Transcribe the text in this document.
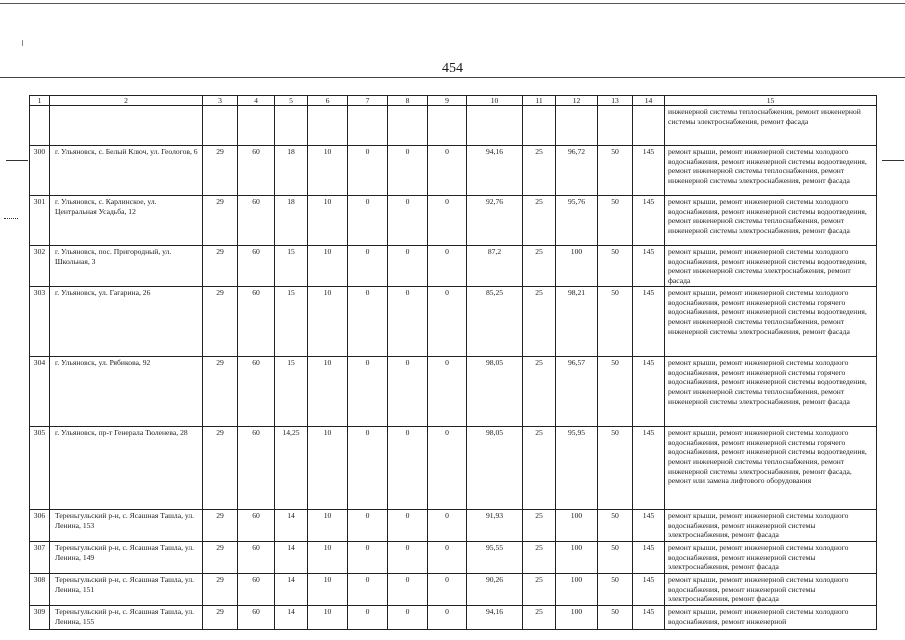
454
1	2	3	4	5	6	7	8	9	10	11	12	13	14	15
														инженерной системы теплоснабжения, ремонт инженерной системы электроснабжения, ремонт фасада
300	г. Ульяновск, с. Белый Ключ, ул. Геологов, 6	29	60	18	10	0	0	0	94,16	25	96,72	50	145	ремонт крыши, ремонт инженерной системы холодного водоснабжения, ремонт инженерной системы водоотведения, ремонт инженерной системы теплоснабжения, ремонт инженерной системы электроснабжения, ремонт фасада
301	г. Ульяновск, с. Карлинское, ул. Центральная Усадьба, 12	29	60	18	10	0	0	0	92,76	25	95,76	50	145	ремонт крыши, ремонт инженерной системы холодного водоснабжения, ремонт инженерной системы водоотведения, ремонт инженерной системы теплоснабжения, ремонт инженерной системы электроснабжения, ремонт фасада
302	г. Ульяновск, пос. Пригородный, ул. Школьная, 3	29	60	15	10	0	0	0	87,2	25	100	50	145	ремонт крыши, ремонт инженерной системы холодного водоснабжения, ремонт инженерной системы водоотведения, ремонт инженерной системы электроснабжения, ремонт фасада
303	г. Ульяновск, ул. Гагарина, 26	29	60	15	10	0	0	0	85,25	25	98,21	50	145	ремонт крыши, ремонт инженерной системы холодного водоснабжения, ремонт инженерной системы горячего водоснабжения, ремонт инженерной системы водоотведения, ремонт инженерной системы теплоснабжения, ремонт инженерной системы электроснабжения, ремонт фасада
304	г. Ульяновск, ул. Рябикова, 92	29	60	15	10	0	0	0	98,05	25	96,57	50	145	ремонт крыши, ремонт инженерной системы холодного водоснабжения, ремонт инженерной системы горячего водоснабжения, ремонт инженерной системы водоотведения, ремонт инженерной системы теплоснабжения, ремонт инженерной системы электроснабжения, ремонт фасада
305	г. Ульяновск, пр-т Генерала Тюленева, 28	29	60	14,25	10	0	0	0	98,05	25	95,95	50	145	ремонт крыши, ремонт инженерной системы холодного водоснабжения, ремонт инженерной системы горячего водоснабжения, ремонт инженерной системы водоотведения, ремонт инженерной системы теплоснабжения, ремонт инженерной системы электроснабжения, ремонт фасада, ремонт или замена лифтового оборудования
306	Тереньгульский р-н, с. Ясашная Ташла, ул. Ленина, 153	29	60	14	10	0	0	0	91,93	25	100	50	145	ремонт крыши, ремонт инженерной системы холодного водоснабжения, ремонт инженерной системы электроснабжения, ремонт фасада
307	Тереньгульский р-н, с. Ясашная Ташла, ул. Ленина, 149	29	60	14	10	0	0	0	95,55	25	100	50	145	ремонт крыши, ремонт инженерной системы холодного водоснабжения, ремонт инженерной системы электроснабжения, ремонт фасада
308	Тереньгульский р-н, с. Ясашная Ташла, ул. Ленина, 151	29	60	14	10	0	0	0	90,26	25	100	50	145	ремонт крыши, ремонт инженерной системы холодного водоснабжения, ремонт инженерной системы электроснабжения, ремонт фасада
309	Тереньгульский р-н, с. Ясашная Ташла, ул. Ленина, 155	29	60	14	10	0	0	0	94,16	25	100	50	145	ремонт крыши, ремонт инженерной системы холодного водоснабжения, ремонт инженерной
